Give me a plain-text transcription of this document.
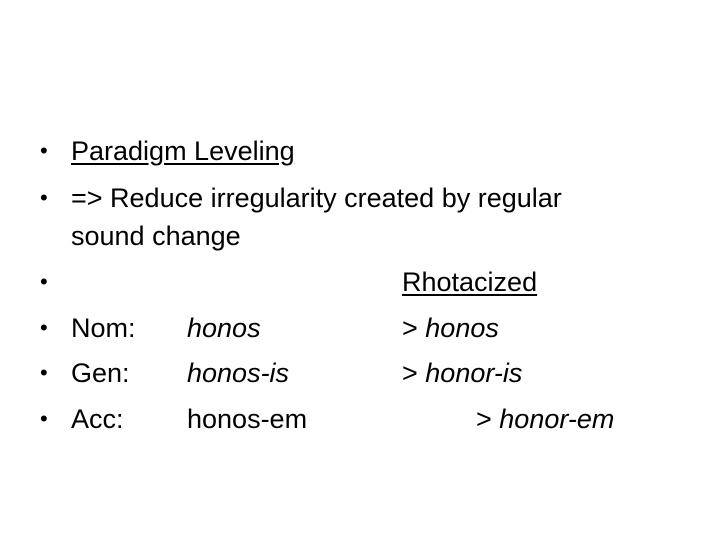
• Paradigm Leveling
• => Reduce irregularity created by regular
sound change
•	Rhotacized
• Nom: honos	> honos
• Gen: honos-is	> honor-is
• Acc: honos-em	> honor-em
